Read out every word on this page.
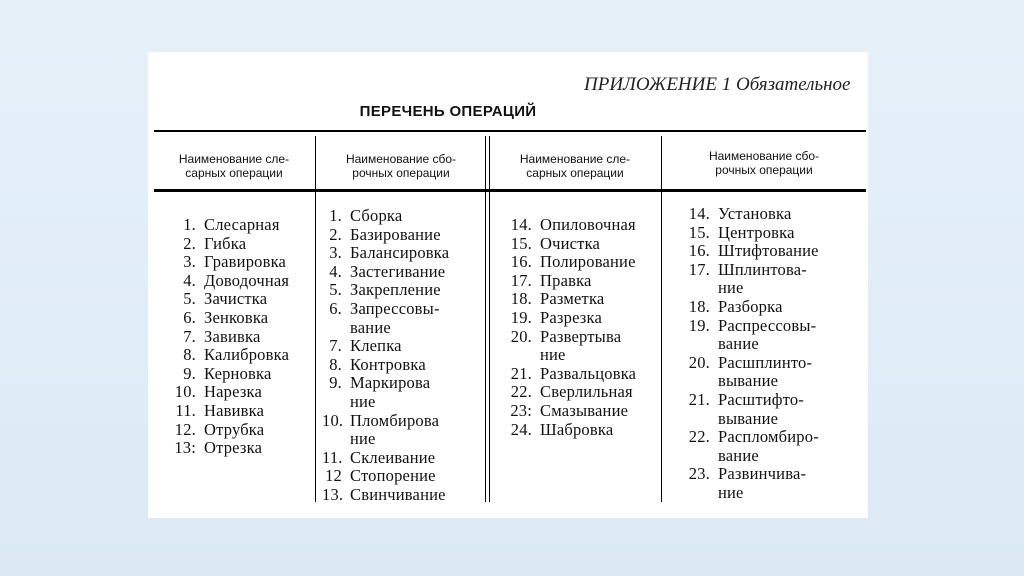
ПРИЛОЖЕНИЕ 1 Обязательное
ПЕРЕЧЕНЬ ОПЕРАЦИЙ
Наименование сле-
сарных операции
Наименование сбо-
рочных операции
Наименование сле-
сарных операции
Наименование сбо-
рочных операции
1. Слесарная
2. Гибка
3. Гравировка
4. Доводочная
5. Зачистка
6. Зенковка
7. Завивка
8. Калибровка
9. Керновка
10. Нарезка
11. Навивка
12. Отрубка
13: Отрезка
1. Сборка
2. Базирование
3. Балансировка
4. Застегивание
5. Закрепление
6. Запрессовы-
вание
7. Клепка
8. Контровка
9. Маркирова
ние
10. Пломбирова
ние
11. Склеивание
12 Стопорение
13. Свинчивание
14. Опиловочная
15. Очистка
16. Полирование
17. Правка
18. Разметка
19. Разрезка
20. Развертыва
ние
21. Развальцовка
22. Сверлильная
23: Смазывание
24. Шабровка
14. Установка
15. Центровка
16. Штифтование
17. Шплинтова-
ние
18. Разборка
19. Распрессовы-
вание
20. Расшплинто-
вывание
21. Расштифто-
вывание
22. Распломбиро-
вание
23. Развинчива-
ние
